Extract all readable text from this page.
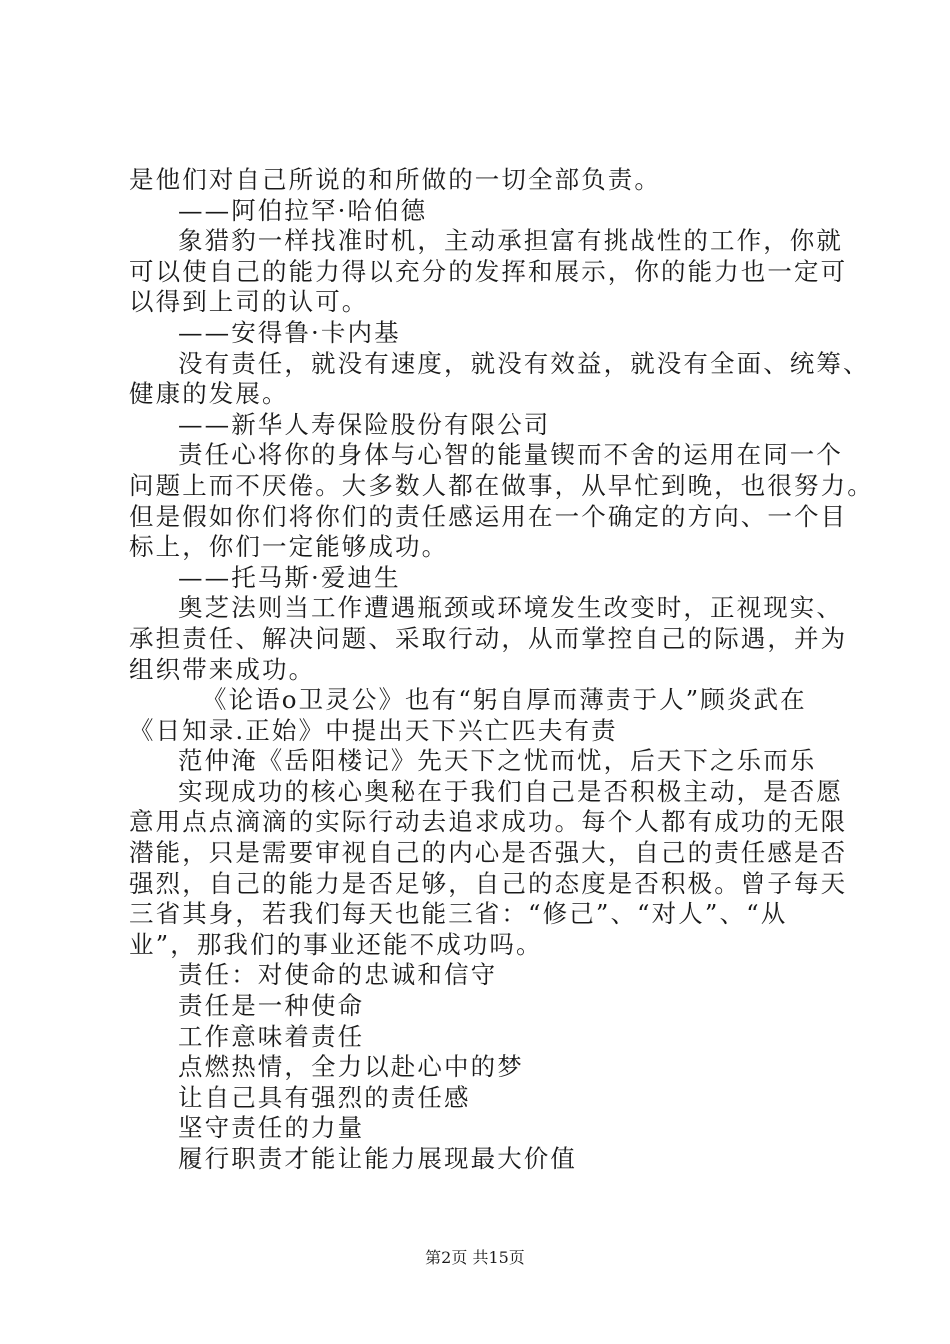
是他们对自己所说的和所做的一切全部负责。
——阿伯拉罕·哈伯德
象猎豹一样找准时机，主动承担富有挑战性的工作，你就
可以使自己的能力得以充分的发挥和展示，你的能力也一定可
以得到上司的认可。
——安得鲁·卡内基
没有责任，就没有速度，就没有效益，就没有全面、统筹、
健康的发展。
——新华人寿保险股份有限公司
责任心将你的身体与心智的能量锲而不舍的运用在同一个
问题上而不厌倦。大多数人都在做事，从早忙到晚，也很努力。
但是假如你们将你们的责任感运用在一个确定的方向、一个目
标上，你们一定能够成功。
——托马斯·爱迪生
奥芝法则当工作遭遇瓶颈或环境发生改变时，正视现实、
承担责任、解决问题、采取行动，从而掌控自己的际遇，并为
组织带来成功。
《论语ο卫灵公》也有“躬自厚而薄责于人”顾炎武在
《日知录.正始》中提出天下兴亡匹夫有责
范仲淹《岳阳楼记》先天下之忧而忧，后天下之乐而乐
实现成功的核心奥秘在于我们自己是否积极主动，是否愿
意用点点滴滴的实际行动去追求成功。每个人都有成功的无限
潜能，只是需要审视自己的内心是否强大，自己的责任感是否
强烈，自己的能力是否足够，自己的态度是否积极。曾子每天
三省其身，若我们每天也能三省：“修己”、“对人”、“从
业”，那我们的事业还能不成功吗。
责任：对使命的忠诚和信守
责任是一种使命
工作意味着责任
点燃热情，全力以赴心中的梦
让自己具有强烈的责任感
坚守责任的力量
履行职责才能让能力展现最大价值
第2页 共15页
